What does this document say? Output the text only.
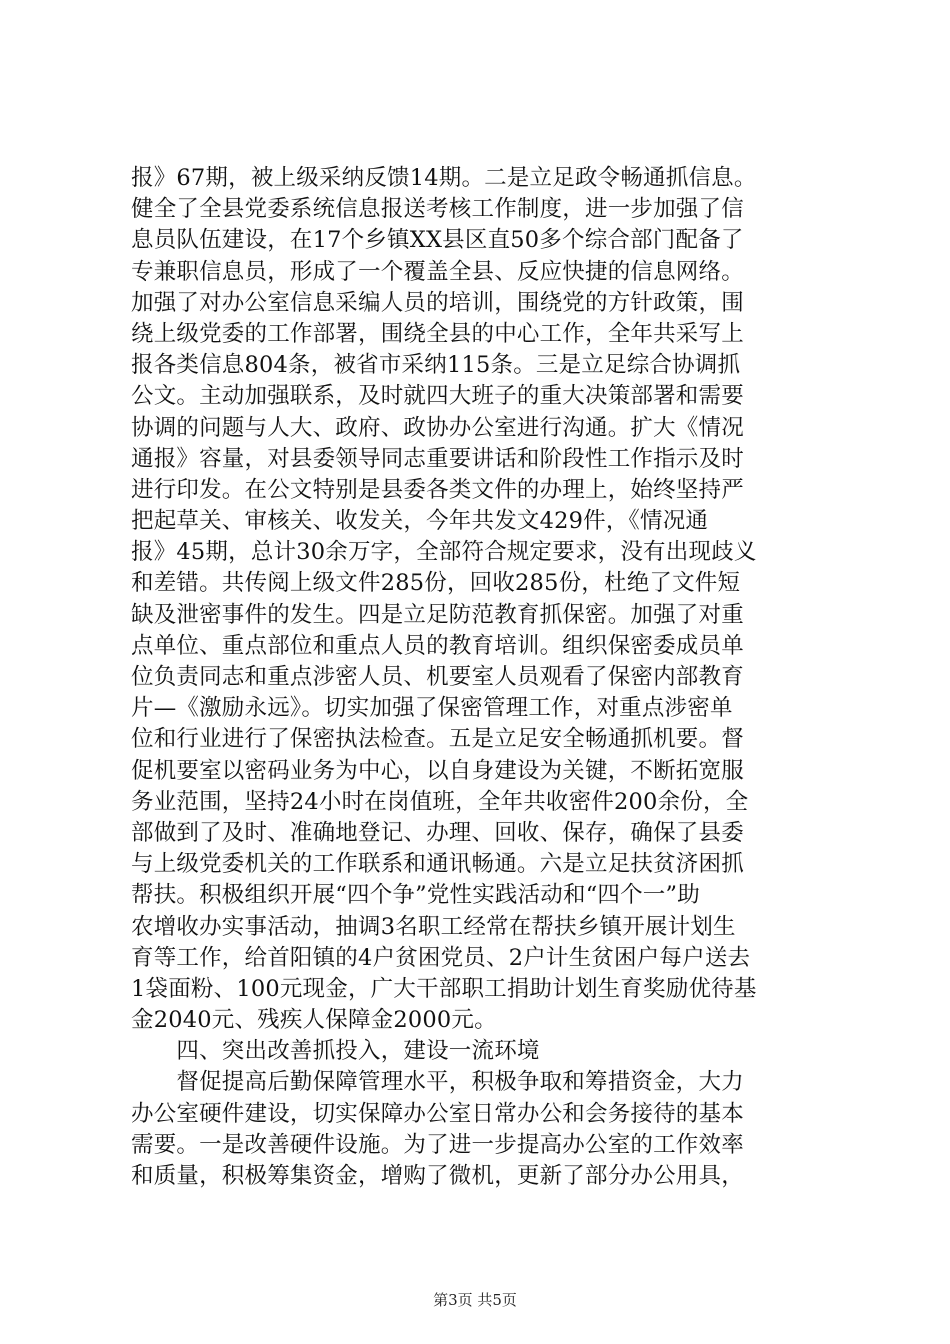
报》67期，被上级采纳反馈14期。二是立足政令畅通抓信息。
健全了全县党委系统信息报送考核工作制度，进一步加强了信
息员队伍建设，在17个乡镇XX县区直50多个综合部门配备了
专兼职信息员，形成了一个覆盖全县、反应快捷的信息网络。
加强了对办公室信息采编人员的培训，围绕党的方针政策，围
绕上级党委的工作部署，围绕全县的中心工作，全年共采写上
报各类信息804条，被省市采纳115条。三是立足综合协调抓
公文。主动加强联系，及时就四大班子的重大决策部署和需要
协调的问题与人大、政府、政协办公室进行沟通。扩大《情况
通报》容量，对县委领导同志重要讲话和阶段性工作指示及时
进行印发。在公文特别是县委各类文件的办理上，始终坚持严
把起草关、审核关、收发关，今年共发文429件，《情况通
报》45期，总计30余万字，全部符合规定要求，没有出现歧义
和差错。共传阅上级文件285份，回收285份，杜绝了文件短
缺及泄密事件的发生。四是立足防范教育抓保密。加强了对重
点单位、重点部位和重点人员的教育培训。组织保密委成员单
位负责同志和重点涉密人员、机要室人员观看了保密内部教育
片—《激励永远》。切实加强了保密管理工作，对重点涉密单
位和行业进行了保密执法检查。五是立足安全畅通抓机要。督
促机要室以密码业务为中心，以自身建设为关键，不断拓宽服
务业范围，坚持24小时在岗值班，全年共收密件200余份，全
部做到了及时、准确地登记、办理、回收、保存，确保了县委
与上级党委机关的工作联系和通讯畅通。六是立足扶贫济困抓
帮扶。积极组织开展“四个争”党性实践活动和“四个一”助
农增收办实事活动，抽调3名职工经常在帮扶乡镇开展计划生
育等工作，给首阳镇的4户贫困党员、2户计生贫困户每户送去
1袋面粉、100元现金，广大干部职工捐助计划生育奖励优待基
金2040元、残疾人保障金2000元。
　　四、突出改善抓投入，建设一流环境
　　督促提高后勤保障管理水平，积极争取和筹措资金，大力
办公室硬件建设，切实保障办公室日常办公和会务接待的基本
需要。一是改善硬件设施。为了进一步提高办公室的工作效率
和质量，积极筹集资金，增购了微机，更新了部分办公用具，
第3页 共5页
